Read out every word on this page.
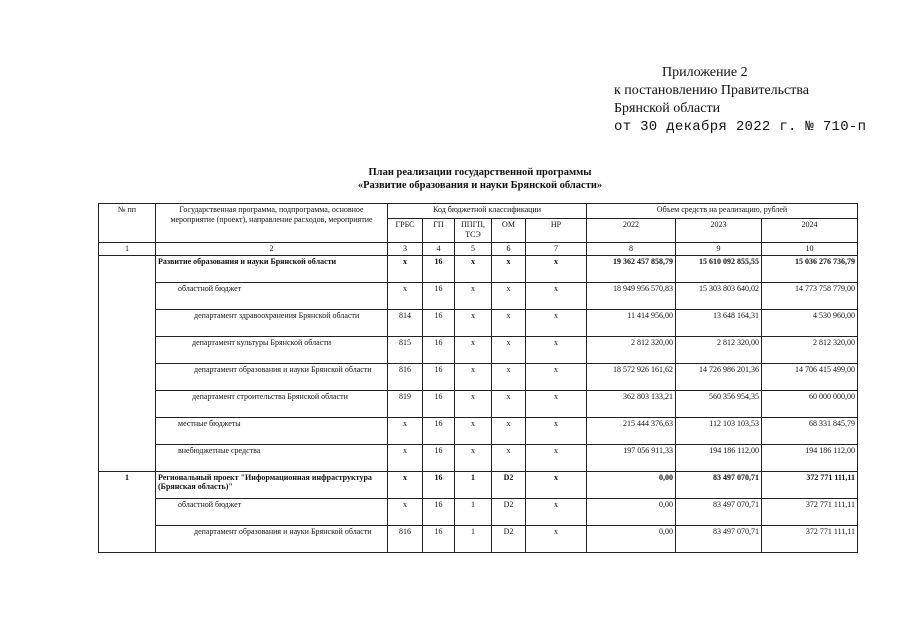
Приложение 2
к постановлению Правительства
Брянской области
от 30 декабря 2022 г. № 710-п
План реализации государственной программы
«Развитие образования и науки Брянской области»
№ пп	Государственная программа, подпрограмма, основное мероприятие (проект), направление расходов, мероприятие	Код бюджетной классификации					Объем средств на реализацию, рублей		
		ГРБС	ГП	ППГП, ТСЭ	ОМ	НР	2022	2023	2024
1	2	3	4	5	6	7	8	9	10
	Развитие образования и науки Брянской области	х	16	х	х	х	19 362 457 858,79	15 610 092 855,55	15 036 276 736,79
	областной бюджет	х	16	х	х	х	18 949 956 570,83	15 303 803 640,02	14 773 758 779,00
	департамент здравоохранения Брянской области	814	16	х	х	х	11 414 956,00	13 648 164,31	4 530 960,00
	департамент культуры Брянской области	815	16	х	х	х	2 812 320,00	2 812 320,00	2 812 320,00
	департамент образования и науки Брянской области	816	16	х	х	х	18 572 926 161,62	14 726 986 201,36	14 706 415 499,00
	департамент строительства Брянской области	819	16	х	х	х	362 803 133,21	560 356 954,35	60 000 000,00
	местные бюджеты	х	16	х	х	х	215 444 376,63	112 103 103,53	68 331 845,79
	внебюджетные средства	х	16	х	х	х	197 056 911,33	194 186 112,00	194 186 112,00
1	Региональный проект "Информационная инфраструктура (Брянская область)"	х	16	1	D2	х	0,00	83 497 070,71	372 771 111,11
	областной бюджет	х	16	1	D2	х	0,00	83 497 070,71	372 771 111,11
	департамент образования и науки Брянской области	816	16	1	D2	х	0,00	83 497 070,71	372 771 111,11
